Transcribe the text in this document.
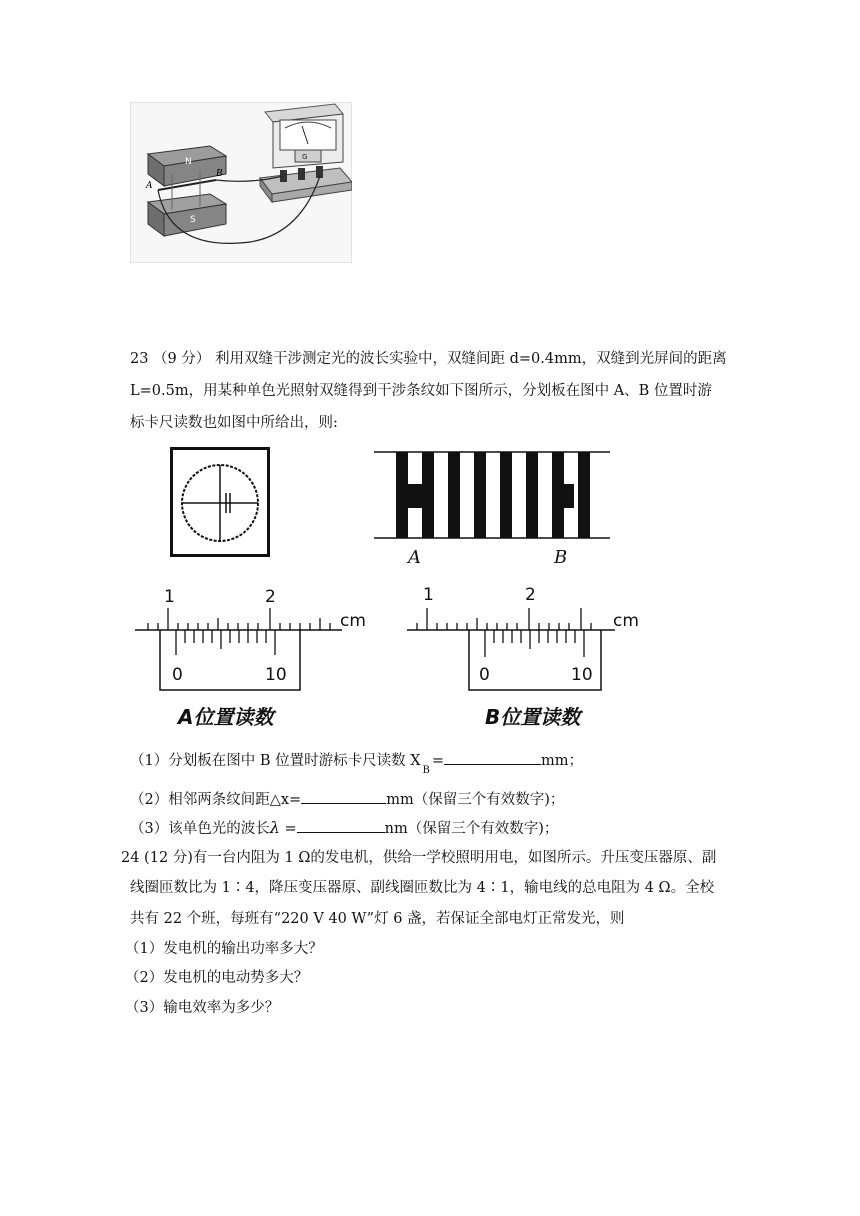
G
N
S
A
B
23 （9 分） 利用双缝干涉测定光的波长实验中，双缝间距 d=0.4mm，双缝到光屏间的距离
L=0.5m，用某种单色光照射双缝得到干涉条纹如下图所示，分划板在图中 A、B 位置时游
标卡尺读数也如图中所给出，则:
A	B
1	2
cm
0	10
A位置读数
1	2
cm
0	10
B位置读数
（1）分划板在图中 B 位置时游标卡尺读数 $X_B=$	mm；
（2）相邻两条纹间距△x=	mm（保留三个有效数字)；
（3）该单色光的波长λ =	nm（保留三个有效数字)；
24 (12 分)有一台内阻为 1 Ω的发电机，供给一学校照明用电，如图所示。升压变压器原、副
线圈匝数比为 1∶4，降压变压器原、副线圈匝数比为 4∶1，输电线的总电阻为 4 Ω。全校
共有 22 个班，每班有“220 V 40 W”灯 6 盏，若保证全部电灯正常发光，则
（1）发电机的输出功率多大？
（2）发电机的电动势多大？
（3）输电效率为多少？
